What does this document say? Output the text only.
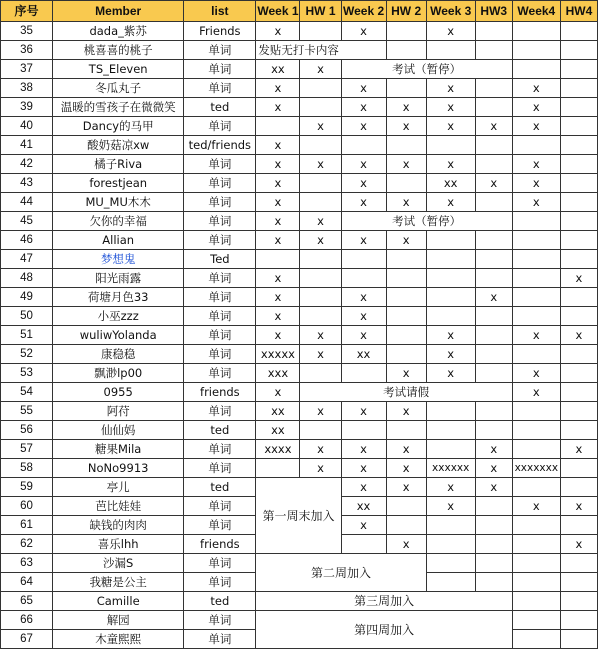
序号	Member	list	Week 1	HW 1	Week 2	HW 2	Week 3	HW3	Week4	HW4
35	dada_紫苏	Friends	x		x		x			
36	桃喜喜的桃子	单词	发贴无打卡内容							
37	TS_Eleven	单词	xx	x	考试（暂停）					
38	冬瓜丸子	单词	x		x		x		x	
39	温暖的雪孩子在微微笑	ted	x		x	x	x		x	
40	Dancy的马甲	单词		x	x	x	x	x	x	
41	酸奶菇凉xw	ted/friends	x							
42	橘子Riva	单词	x	x	x	x	x		x	
43	forestjean	单词	x		x		xx	x	x	
44	MU_MU木木	单词	x		x	x	x		x	
45	欠你的幸福	单词	x	x	考试（暂停）					
46	Allian	单词	x	x	x	x				
47	梦想鬼	Ted								
48	阳光雨露	单词	x							x
49	荷塘月色33	单词	x		x			x		
50	小巫zzz	单词	x		x					
51	wuliwYolanda	单词	x	x	x		x		x	x
52	康稳稳	单词	xxxxx	x	xx		x			
53	飘渺lp00	单词	xxx			x	x		x	
54	0955	friends	x	考试请假					x	
55	阿苻	单词	xx	x	x	x				
56	仙仙妈	ted	xx							
57	糖果Mila	单词	xxxx	x	x	x		x		x
58	NoNo9913	单词		x	x	x	xxxxxx	x	xxxxxxx	
59	亭儿	ted	第一周末加入		x	x	x	x		
60	芭比娃娃	单词			xx		x		x	x
61	缺钱的肉肉	单词			x					
62	喜乐lhh	friends				x				x
63	沙漏S	单词	第二周加入							
64	我糖是公主	单词								
65	Camille	ted	第三周加入							
66	解园	单词	第四周加入							
67	木童熙熙	单词								
